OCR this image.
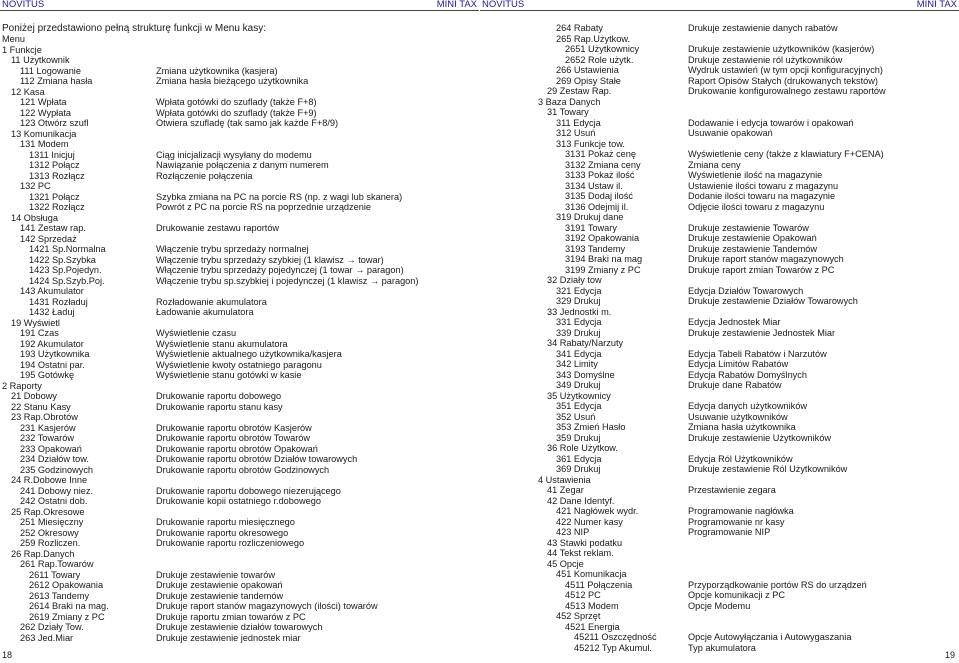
NOVITUS	MINI TAX
Poniżej przedstawiono pełną strukturę funkcji w Menu kasy:
Menu
1 Funkcje
11 Użytkownik
111 Logowanie	Zmiana użytkownika (kasjera)
112 Zmiana hasła	Zmiana hasła bieżącego użytkownika
12 Kasa
121 Wpłata	Wpłata gotówki do szuflady (także F+8)
122 Wypłata	Wpłata gotówki do szuflady (także F+9)
123 Otwórz szufl	Otwiera szufladę (tak samo jak każde F+8/9)
13 Komunikacja
131 Modem
1311 Inicjuj	Ciąg inicjalizacji wysyłany do modemu
1312 Połącz	Nawiązanie połączenia z danym numerem
1313 Rozłącz	Rozłączenie połączenia
132 PC
1321 Połącz	Szybka zmiana na PC na porcie RS (np. z wagi lub skanera)
1322 Rozłącz	Powrót z PC na porcie RS na poprzednie urządzenie
14 Obsługa
141 Zestaw rap.	Drukowanie zestawu raportów
142 Sprzedaż
1421 Sp.Normalna	Włączenie trybu sprzedaży normalnej
1422 Sp.Szybka	Włączenie trybu sprzedaży szybkiej (1 klawisz → towar)
1423 Sp.Pojedyn.	Włączenie trybu sprzedaży pojedynczej (1 towar → paragon)
1424 Sp.Szyb.Poj.	Włączenie trybu sp.szybkiej i pojedynczej (1 klawisz → paragon)
143 Akumulator
1431 Rozładuj	Rozładowanie akumulatora
1432 Ładuj	Ładowanie akumulatora
19 Wyświetl
191 Czas	Wyświetlenie czasu
192 Akumulator	Wyświetlenie stanu akumulatora
193 Użytkownika	Wyświetlenie aktualnego użytkownika/kasjera
194 Ostatni par.	Wyświetlenie kwoty ostatniego paragonu
195 Gotówkę	Wyświetlenie stanu gotówki w kasie
2 Raporty
21 Dobowy	Drukowanie raportu dobowego
22 Stanu Kasy	Drukowanie raportu stanu kasy
23 Rap.Obrotów
231 Kasjerów	Drukowanie raportu obrotów Kasjerów
232 Towarów	Drukowanie raportu obrotów Towarów
233 Opakowań	Drukowanie raportu obrotów Opakowań
234 Działów tow.	Drukowanie raportu obrotów Działów towarowych
235 Godzinowych	Drukowanie raportu obrotów Godzinowych
24 R.Dobowe Inne
241 Dobowy niez.	Drukowanie raportu dobowego niezerującego
242 Ostatni dob.	Drukowanie kopii ostatniego r.dobowego
25 Rap.Okresowe
251 Miesięczny	Drukowanie raportu miesięcznego
252 Okresowy	Drukowanie raportu okresowego
259 Rozliczen.	Drukowanie raportu rozliczeniowego
26 Rap.Danych
261 Rap.Towarów
2611 Towary	Drukuje zestawienie towarów
2612 Opakowania	Drukuje zestawienie opakowań
2613 Tandemy	Drukuje zestawienie tandemów
2614 Braki na mag.	Drukuje raport stanów magazynowych (ilości) towarów
2619 Zmiany z PC	Drukuje raportu zmian towarów z PC
262 Działy Tow.	Drukuje zestawienie działów towarowych
263 Jed.Miar	Drukuje zestawienie jednostek miar
18
NOVITUS	MINI TAX
264 Rabaty	Drukuje zestawienie danych rabatów
265 Rap.Użytkow.
2651 Użytkownicy	Drukuje zestawienie użytkowników (kasjerów)
2652 Role użytk.	Drukuje zestawienie ról użytkowników
266 Ustawienia	Wydruk ustawień (w tym opcji konfiguracyjnych)
269 Opisy Stałe	Raport Opisów Stałych (drukowanych tekstów)
29 Zestaw Rap.	Drukowanie konfigurowalnego zestawu raportów
3 Baza Danych
31 Towary
311 Edycja	Dodawanie i edycja towarów i opakowań
312 Usuń	Usuwanie opakowań
313 Funkcje tow.
3131 Pokaż cenę	Wyświetlenie ceny (także z klawiatury F+CENA)
3132 Zmiana ceny	Zmiana ceny
3133 Pokaż ilość	Wyświetlenie ilość na magazynie
3134 Ustaw il.	Ustawienie ilości towaru z magazynu
3135 Dodaj ilość	Dodanie ilości towaru na magazynie
3136 Odejmij il.	Odjęcie ilości towaru z magazynu
319 Drukuj dane
3191 Towary	Drukuje zestawienie Towarów
3192 Opakowania	Drukuje zestawienie Opakowań
3193 Tandemy	Drukuje zestawienie Tandemów
3194 Braki na mag	Drukuje raport stanów magazynowych
3199 Zmiany z PC	Drukuje raport zmian Towarów z PC
32 Działy tow
321 Edycja	Edycja Działów Towarowych
329 Drukuj	Drukuje zestawienie Działów Towarowych
33 Jednostki m.
331 Edycja	Edycja Jednostek Miar
339 Drukuj	Drukuje zestawienie Jednostek Miar
34 Rabaty/Narzuty
341 Edycja	Edycja Tabeli Rabatów i Narzutów
342 Limity	Edycja Limitów Rabatów
343 Domyślne	Edycja Rabatów Domyślnych
349 Drukuj	Drukuje dane Rabatów
35 Użytkownicy
351 Edycja	Edycja danych użytkowników
352 Usuń	Usuwanie użytkowników
353 Zmień Hasło	Zmiana hasła użytkownika
359 Drukuj	Drukuje zestawienie Użytkowników
36 Role Użytkow.
361 Edycja	Edycja Ról Użytkowników
369 Drukuj	Drukuje zestawienie Ról Użytkowników
4 Ustawienia
41 Zegar	Przestawienie zegara
42 Dane Identyf.
421 Nagłówek wydr.	Programowanie nagłówka
422 Numer kasy	Programowanie nr kasy
423 NIP	Programowanie NIP
43 Stawki podatku
44 Tekst reklam.
45 Opcje
451 Komunikacja
4511 Połączenia	Przyporządkowanie portów RS do urządzeń
4512 PC	Opcje komunikacji z PC
4513 Modem	Opcje Modemu
452 Sprzęt
4521 Energia
45211 Oszczędność	Opcje Autowyłączania i Autowygaszania
45212 Typ Akumul.	Typ akumulatora
19
